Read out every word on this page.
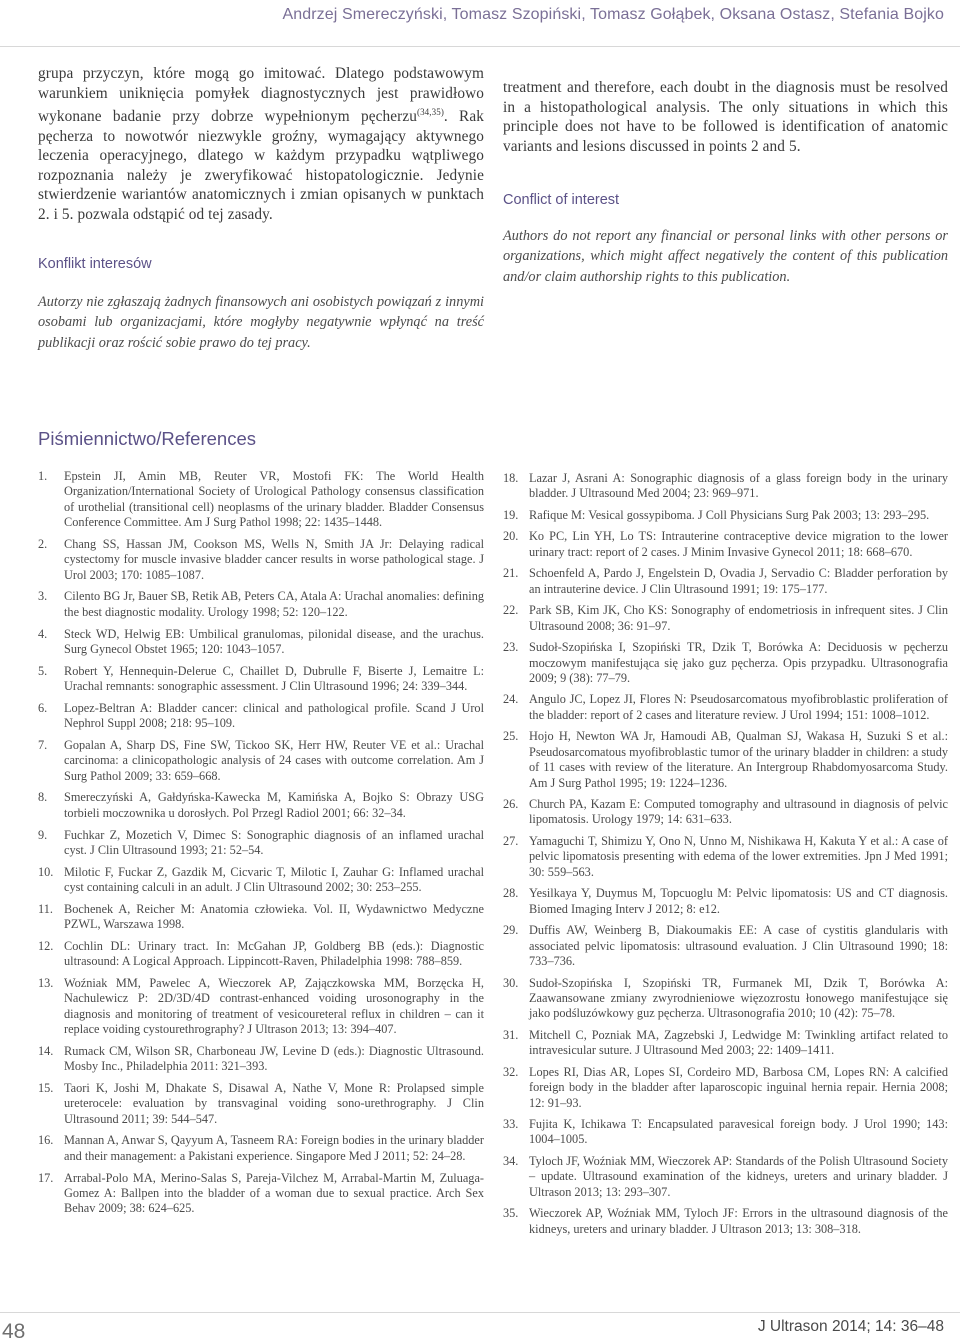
Andrzej Smereczyński, Tomasz Szopiński, Tomasz Gołąbek, Oksana Ostasz, Stefania Bojko

grupa przyczyn, które mogą go imitować. Dlatego podstawowym warunkiem uniknięcia pomyłek diagnostycznych jest prawidłowo wykonane badanie przy dobrze wypełnionym pęcherzu$^{(34,35)}$. Rak pęcherza to nowotwór niezwykle groźny, wymagający aktywnego leczenia operacyjnego, dlatego w każdym przypadku wątpliwego rozpoznania należy je zweryfikować histopatologicznie. Jedynie stwierdzenie wariantów anatomicznych i zmian opisanych w punktach 2. i 5. pozwala odstąpić od tej zasady.

Konflikt interesów

Autorzy nie zgłaszają żadnych finansowych ani osobistych powiązań z innymi osobami lub organizacjami, które mogłyby negatywnie wpłynąć na treść publikacji oraz rościć sobie prawo do tej pracy.

treatment and therefore, each doubt in the diagnosis must be resolved in a histopathological analysis. The only situations in which this principle does not have to be followed is identification of anatomic variants and lesions discussed in points 2 and 5.

Conflict of interest

Authors do not report any financial or personal links with other persons or organizations, which might affect negatively the content of this publication and/or claim authorship rights to this publication.

Piśmiennictwo/References
1. Epstein JI, Amin MB, Reuter VR, Mostofi FK: The World Health Organization/International Society of Urological Pathology consensus classification of urothelial (transitional cell) neoplasms of the urinary bladder. Bladder Consensus Conference Committee. Am J Surg Pathol 1998; 22: 1435–1448.
2. Chang SS, Hassan JM, Cookson MS, Wells N, Smith JA Jr: Delaying radical cystectomy for muscle invasive bladder cancer results in worse pathological stage. J Urol 2003; 170: 1085–1087.
3. Cilento BG Jr, Bauer SB, Retik AB, Peters CA, Atala A: Urachal anomalies: defining the best diagnostic modality. Urology 1998; 52: 120–122.
4. Steck WD, Helwig EB: Umbilical granulomas, pilonidal disease, and the urachus. Surg Gynecol Obstet 1965; 120: 1043–1057.
5. Robert Y, Hennequin-Delerue C, Chaillet D, Dubrulle F, Biserte J, Lemaitre L: Urachal remnants: sonographic assessment. J Clin Ultrasound 1996; 24: 339–344.
6. Lopez-Beltran A: Bladder cancer: clinical and pathological profile. Scand J Urol Nephrol Suppl 2008; 218: 95–109.
7. Gopalan A, Sharp DS, Fine SW, Tickoo SK, Herr HW, Reuter VE et al.: Urachal carcinoma: a clinicopathologic analysis of 24 cases with outcome correlation. Am J Surg Pathol 2009; 33: 659–668.
8. Smereczyński A, Gałdyńska-Kawecka M, Kamińska A, Bojko S: Obrazy USG torbieli moczownika u dorosłych. Pol Przegl Radiol 2001; 66: 32–34.
9. Fuchkar Z, Mozetich V, Dimec S: Sonographic diagnosis of an inflamed urachal cyst. J Clin Ultrasound 1993; 21: 52–54.
10. Milotic F, Fuckar Z, Gazdik M, Cicvaric T, Milotic I, Zauhar G: Inflamed urachal cyst containing calculi in an adult. J Clin Ultrasound 2002; 30: 253–255.
11. Bochenek A, Reicher M: Anatomia człowieka. Vol. II, Wydawnictwo Medyczne PZWL, Warszawa 1998.
12. Cochlin DL: Urinary tract. In: McGahan JP, Goldberg BB (eds.): Diagnostic ultrasound: A Logical Approach. Lippincott-Raven, Philadelphia 1998: 788–859.
13. Woźniak MM, Pawelec A, Wieczorek AP, Zajączkowska MM, Borzęcka H, Nachulewicz P: 2D/3D/4D contrast-enhanced voiding urosonography in the diagnosis and monitoring of treatment of vesicoureteral reflux in children – can it replace voiding cystourethrography? J Ultrason 2013; 13: 394–407.
14. Rumack CM, Wilson SR, Charboneau JW, Levine D (eds.): Diagnostic Ultrasound. Mosby Inc., Philadelphia 2011: 321–393.
15. Taori K, Joshi M, Dhakate S, Disawal A, Nathe V, Mone R: Prolapsed simple ureterocele: evaluation by transvaginal voiding sono-urethrography. J Clin Ultrasound 2011; 39: 544–547.
16. Mannan A, Anwar S, Qayyum A, Tasneem RA: Foreign bodies in the urinary bladder and their management: a Pakistani experience. Singapore Med J 2011; 52: 24–28.
17. Arrabal-Polo MA, Merino-Salas S, Pareja-Vilchez M, Arrabal-Martin M, Zuluaga-Gomez A: Ballpen into the bladder of a woman due to sexual practice. Arch Sex Behav 2009; 38: 624–625.
18. Lazar J, Asrani A: Sonographic diagnosis of a glass foreign body in the urinary bladder. J Ultrasound Med 2004; 23: 969–971.
19. Rafique M: Vesical gossypiboma. J Coll Physicians Surg Pak 2003; 13: 293–295.
20. Ko PC, Lin YH, Lo TS: Intrauterine contraceptive device migration to the lower urinary tract: report of 2 cases. J Minim Invasive Gynecol 2011; 18: 668–670.
21. Schoenfeld A, Pardo J, Engelstein D, Ovadia J, Servadio C: Bladder perforation by an intrauterine device. J Clin Ultrasound 1991; 19: 175–177.
22. Park SB, Kim JK, Cho KS: Sonography of endometriosis in infrequent sites. J Clin Ultrasound 2008; 36: 91–97.
23. Sudoł-Szopińska I, Szopiński TR, Dzik T, Borówka A: Deciduosis w pęcherzu moczowym manifestująca się jako guz pęcherza. Opis przypadku. Ultrasonografia 2009; 9 (38): 77–79.
24. Angulo JC, Lopez JI, Flores N: Pseudosarcomatous myofibroblastic proliferation of the bladder: report of 2 cases and literature review. J Urol 1994; 151: 1008–1012.
25. Hojo H, Newton WA Jr, Hamoudi AB, Qualman SJ, Wakasa H, Suzuki S et al.: Pseudosarcomatous myofibroblastic tumor of the urinary bladder in children: a study of 11 cases with review of the literature. An Intergroup Rhabdomyosarcoma Study. Am J Surg Pathol 1995; 19: 1224–1236.
26. Church PA, Kazam E: Computed tomography and ultrasound in diagnosis of pelvic lipomatosis. Urology 1979; 14: 631–633.
27. Yamaguchi T, Shimizu Y, Ono N, Unno M, Nishikawa H, Kakuta Y et al.: A case of pelvic lipomatosis presenting with edema of the lower extremities. Jpn J Med 1991; 30: 559–563.
28. Yesilkaya Y, Duymus M, Topcuoglu M: Pelvic lipomatosis: US and CT diagnosis. Biomed Imaging Interv J 2012; 8: e12.
29. Duffis AW, Weinberg B, Diakoumakis EE: A case of cystitis glandularis with associated pelvic lipomatosis: ultrasound evaluation. J Clin Ultrasound 1990; 18: 733–736.
30. Sudoł-Szopińska I, Szopiński TR, Furmanek MI, Dzik T, Borówka A: Zaawansowane zmiany zwyrodnieniowe więzozrostu łonowego manifestujące się jako podśluzówkowy guz pęcherza. Ultrasonografia 2010; 10 (42): 75–78.
31. Mitchell C, Pozniak MA, Zagzebski J, Ledwidge M: Twinkling artifact related to intravesicular suture. J Ultrasound Med 2003; 22: 1409–1411.
32. Lopes RI, Dias AR, Lopes SI, Cordeiro MD, Barbosa CM, Lopes RN: A calcified foreign body in the bladder after laparoscopic inguinal hernia repair. Hernia 2008; 12: 91–93.
33. Fujita K, Ichikawa T: Encapsulated paravesical foreign body. J Urol 1990; 143: 1004–1005.
34. Tyloch JF, Woźniak MM, Wieczorek AP: Standards of the Polish Ultrasound Society – update. Ultrasound examination of the kidneys, ureters and urinary bladder. J Ultrason 2013; 13: 293–307.
35. Wieczorek AP, Woźniak MM, Tyloch JF: Errors in the ultrasound diagnosis of the kidneys, ureters and urinary bladder. J Ultrason 2013; 13: 308–318.
48	J Ultrason 2014; 14: 36–48
